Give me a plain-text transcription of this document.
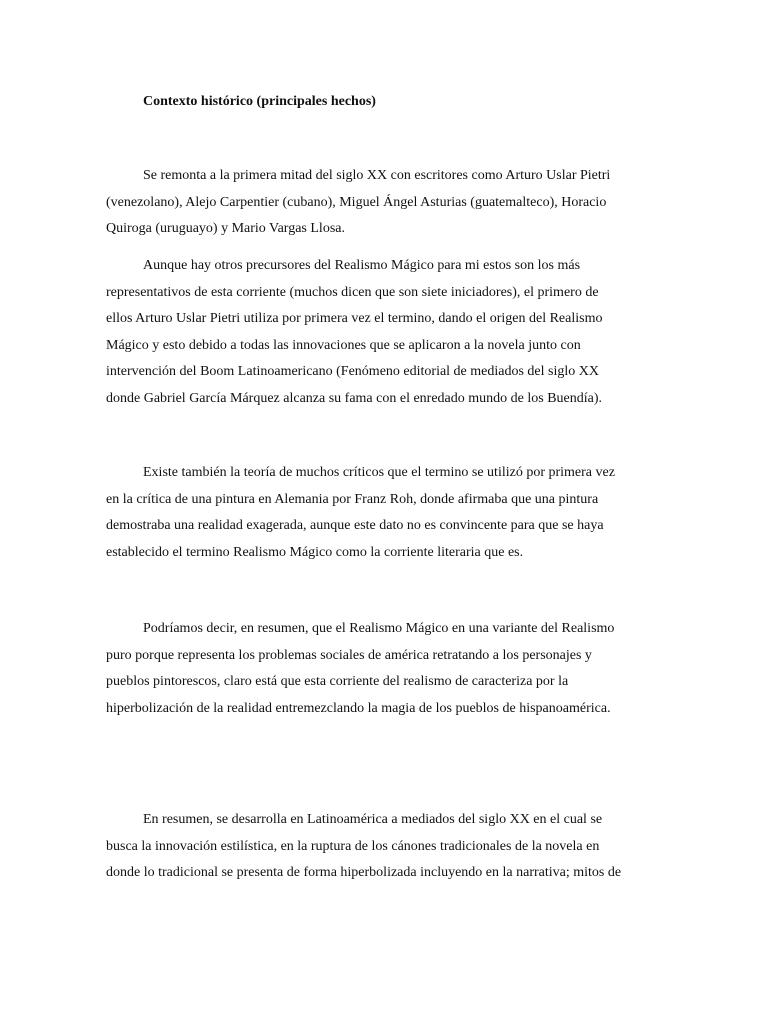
Contexto histórico (principales hechos)

Se remonta a la primera mitad del siglo XX con escritores como Arturo Uslar Pietri
(venezolano), Alejo Carpentier (cubano), Miguel Ángel Asturias (guatemalteco), Horacio
Quiroga (uruguayo) y Mario Vargas Llosa.

Aunque hay otros precursores del Realismo Mágico para mi estos son los más
representativos de esta corriente (muchos dicen que son siete iniciadores), el primero de
ellos Arturo Uslar Pietri utiliza por primera vez el termino, dando el origen del Realismo
Mágico y esto debido a todas las innovaciones que se aplicaron a la novela junto con
intervención del Boom Latinoamericano (Fenómeno editorial de mediados del siglo XX
donde Gabriel García Márquez alcanza su fama con el enredado mundo de los Buendía).

Existe también la teoría de muchos críticos que el termino se utilizó por primera vez
en la crítica de una pintura en Alemania por Franz Roh, donde afirmaba que una pintura
demostraba una realidad exagerada, aunque este dato no es convincente para que se haya
establecido el termino Realismo Mágico como la corriente literaria que es.

Podríamos decir, en resumen, que el Realismo Mágico en una variante del Realismo
puro porque representa los problemas sociales de américa retratando a los personajes y
pueblos pintorescos, claro está que esta corriente del realismo de caracteriza por la
hiperbolización de la realidad entremezclando la magia de los pueblos de hispanoamérica.

En resumen, se desarrolla en Latinoamérica a mediados del siglo XX en el cual se
busca la innovación estilística, en la ruptura de los cánones tradicionales de la novela en
donde lo tradicional se presenta de forma hiperbolizada incluyendo en la narrativa; mitos de
